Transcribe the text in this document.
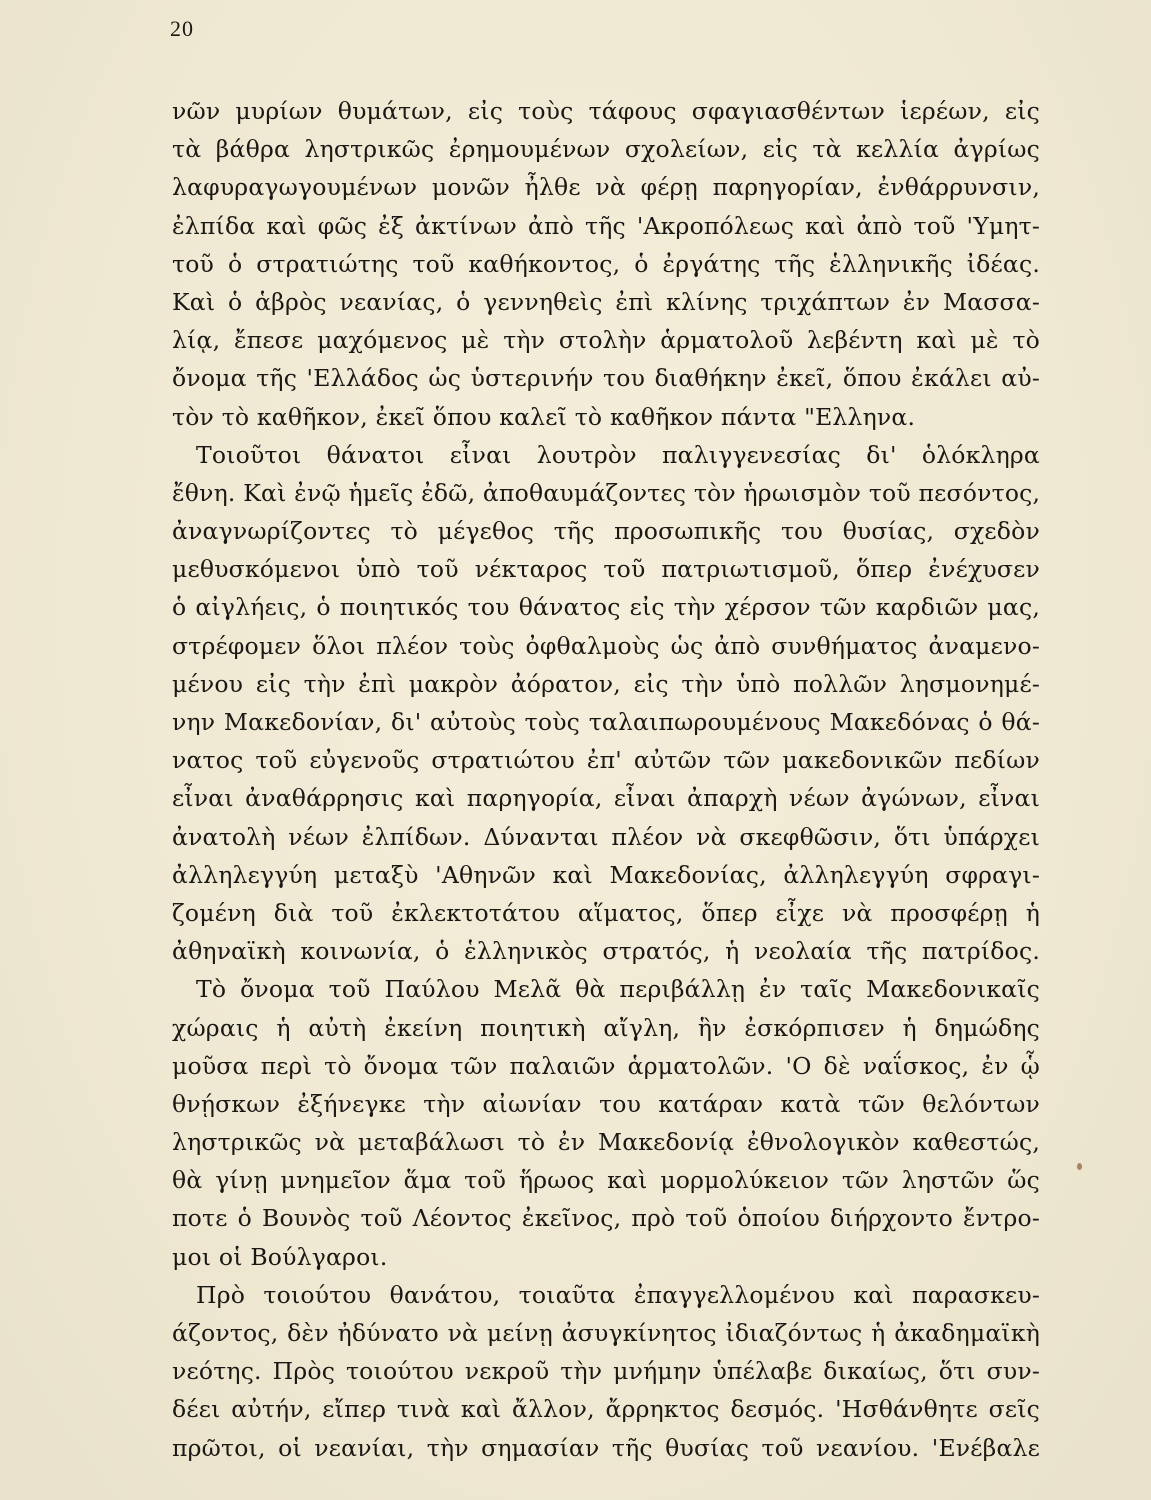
20
νῶν μυρίων θυμάτων, εἰς τοὺς τάφους σφαγιασθέντων ἱερέων, εἰς
τὰ βάθρα ληστρικῶς ἐρημουμένων σχολείων, εἰς τὰ κελλία ἀγρίως
λαφυραγωγουμένων μονῶν ἦλθε νὰ φέρῃ παρηγορίαν, ἐνθάρρυνσιν,
ἐλπίδα καὶ φῶς ἐξ ἀκτίνων ἀπὸ τῆς 'Ακροπόλεως καὶ ἀπὸ τοῦ 'Υμητ-
τοῦ ὁ στρατιώτης τοῦ καθήκοντος, ὁ ἐργάτης τῆς ἑλληνικῆς ἰδέας.
Καὶ ὁ ἁβρὸς νεανίας, ὁ γεννηθεὶς ἐπὶ κλίνης τριχάπτων ἐν Μασσα-
λίᾳ, ἔπεσε μαχόμενος μὲ τὴν στολὴν ἁρματολοῦ λεβέντη καὶ μὲ τὸ
ὄνομα τῆς 'Ελλάδος ὡς ὑστερινήν του διαθήκην ἐκεῖ, ὅπου ἐκάλει αὐ-
τὸν τὸ καθῆκον, ἐκεῖ ὅπου καλεῖ τὸ καθῆκον πάντα "Ελληνα.
Τοιοῦτοι θάνατοι εἶναι λουτρὸν παλιγγενεσίας δι' ὁλόκληρα
ἔθνη. Καὶ ἐνῷ ἡμεῖς ἐδῶ, ἀποθαυμάζοντες τὸν ἡρωισμὸν τοῦ πεσόντος,
ἀναγνωρίζοντες τὸ μέγεθος τῆς προσωπικῆς του θυσίας, σχεδὸν
μεθυσκόμενοι ὑπὸ τοῦ νέκταρος τοῦ πατριωτισμοῦ, ὅπερ ἐνέχυσεν
ὁ αἰγλήεις, ὁ ποιητικός του θάνατος εἰς τὴν χέρσον τῶν καρδιῶν μας,
στρέφομεν ὅλοι πλέον τοὺς ὀφθαλμοὺς ὡς ἀπὸ συνθήματος ἀναμενο-
μένου εἰς τὴν ἐπὶ μακρὸν ἀόρατον, εἰς τὴν ὑπὸ πολλῶν λησμονημέ-
νην Μακεδονίαν, δι' αὐτοὺς τοὺς ταλαιπωρουμένους Μακεδόνας ὁ θά-
νατος τοῦ εὐγενοῦς στρατιώτου ἐπ' αὐτῶν τῶν μακεδονικῶν πεδίων
εἶναι ἀναθάρρησις καὶ παρηγορία, εἶναι ἀπαρχὴ νέων ἀγώνων, εἶναι
ἀνατολὴ νέων ἐλπίδων. Δύνανται πλέον νὰ σκεφθῶσιν, ὅτι ὑπάρχει
ἀλληλεγγύη μεταξὺ 'Αθηνῶν καὶ Μακεδονίας, ἀλληλεγγύη σφραγι-
ζομένη διὰ τοῦ ἐκλεκτοτάτου αἵματος, ὅπερ εἶχε νὰ προσφέρῃ ἡ
ἀθηναϊκὴ κοινωνία, ὁ ἑλληνικὸς στρατός, ἡ νεολαία τῆς πατρίδος.
Τὸ ὄνομα τοῦ Παύλου Μελᾶ θὰ περιβάλλῃ ἐν ταῖς Μακεδονικαῖς
χώραις ἡ αὐτὴ ἐκείνη ποιητικὴ αἴγλη, ἣν ἐσκόρπισεν ἡ δημώδης
μοῦσα περὶ τὸ ὄνομα τῶν παλαιῶν ἁρματολῶν. 'Ο δὲ ναΐσκος, ἐν ᾧ
θνῄσκων ἐξήνεγκε τὴν αἰωνίαν του κατάραν κατὰ τῶν θελόντων
ληστρικῶς νὰ μεταβάλωσι τὸ ἐν Μακεδονίᾳ ἐθνολογικὸν καθεστώς,
θὰ γίνῃ μνημεῖον ἅμα τοῦ ἥρωος καὶ μορμολύκειον τῶν ληστῶν ὥς
ποτε ὁ Βουνὸς τοῦ Λέοντος ἐκεῖνος, πρὸ τοῦ ὁποίου διήρχοντο ἔντρο-
μοι οἱ Βούλγαροι.
Πρὸ τοιούτου θανάτου, τοιαῦτα ἐπαγγελλομένου καὶ παρασκευ-
άζοντος, δὲν ἠδύνατο νὰ μείνῃ ἀσυγκίνητος ἰδιαζόντως ἡ ἀκαδημαϊκὴ
νεότης. Πρὸς τοιούτου νεκροῦ τὴν μνήμην ὑπέλαβε δικαίως, ὅτι συν-
δέει αὐτήν, εἴπερ τινὰ καὶ ἄλλον, ἄρρηκτος δεσμός. 'Ησθάνθητε σεῖς
πρῶτοι, οἱ νεανίαι, τὴν σημασίαν τῆς θυσίας τοῦ νεανίου. 'Ενέβαλε
